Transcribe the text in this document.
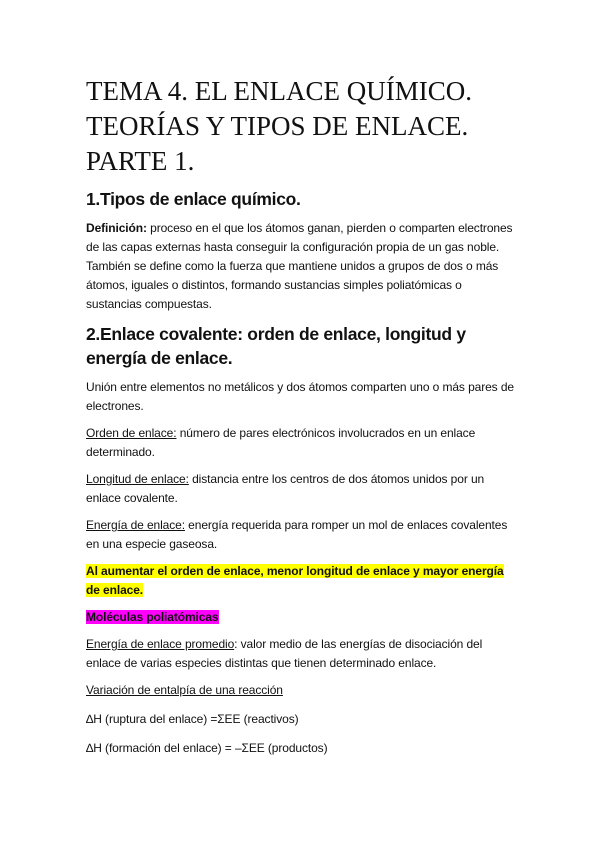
TEMA 4. EL ENLACE QUÍMICO.
TEORÍAS Y TIPOS DE ENLACE.
PARTE 1.
1.Tipos de enlace químico.

Definición: proceso en el que los átomos ganan, pierden o comparten electrones de las capas externas hasta conseguir la configuración propia de un gas noble. También se define como la fuerza que mantiene unidos a grupos de dos o más átomos, iguales o distintos, formando sustancias simples poliatómicas o sustancias compuestas.

2.Enlace covalente: orden de enlace, longitud y energía de enlace.

Unión entre elementos no metálicos y dos átomos comparten uno o más pares de electrones.

Orden de enlace: número de pares electrónicos involucrados en un enlace determinado.

Longitud de enlace: distancia entre los centros de dos átomos unidos por un enlace covalente.

Energía de enlace: energía requerida para romper un mol de enlaces covalentes en una especie gaseosa.

Al aumentar el orden de enlace, menor longitud de enlace y mayor energía de enlace.

Moléculas poliatómicas

Energía de enlace promedio: valor medio de las energías de disociación del enlace de varias especies distintas que tienen determinado enlace.

Variación de entalpía de una reacción

∆H (ruptura del enlace) =ΣEE (reactivos)

∆H (formación del enlace) = –ΣEE (productos)
